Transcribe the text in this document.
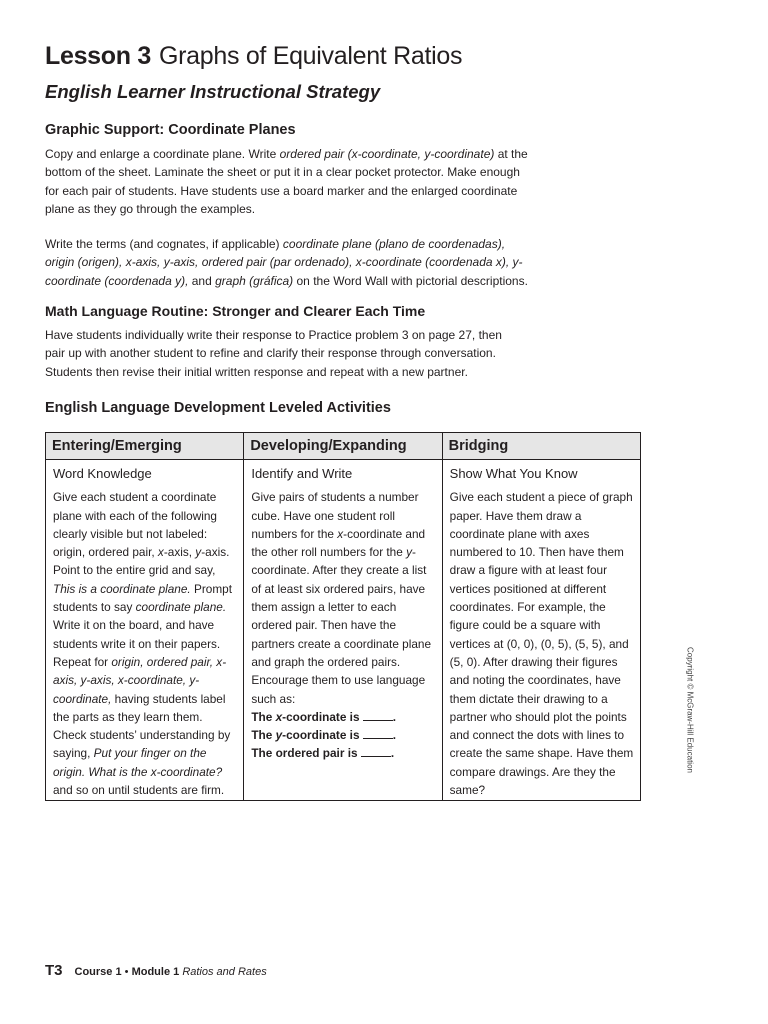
Lesson 3 Graphs of Equivalent Ratios
English Learner Instructional Strategy
Graphic Support: Coordinate Planes
Copy and enlarge a coordinate plane. Write ordered pair (x-coordinate, y-coordinate) at the bottom of the sheet. Laminate the sheet or put it in a clear pocket protector. Make enough for each pair of students. Have students use a board marker and the enlarged coordinate plane as they go through the examples.
Write the terms (and cognates, if applicable) coordinate plane (plano de coordenadas), origin (origen), x-axis, y-axis, ordered pair (par ordenado), x-coordinate (coordenada x), y-coordinate (coordenada y), and graph (gráfica) on the Word Wall with pictorial descriptions.
Math Language Routine: Stronger and Clearer Each Time
Have students individually write their response to Practice problem 3 on page 27, then pair up with another student to refine and clarify their response through conversation. Students then revise their initial written response and repeat with a new partner.
English Language Development Leveled Activities
Entering/Emerging
Word Knowledge
Give each student a coordinate plane with each of the following clearly visible but not labeled: origin, ordered pair, x-axis, y-axis. Point to the entire grid and say, This is a coordinate plane. Prompt students to say coordinate plane. Write it on the board, and have students write it on their papers. Repeat for origin, ordered pair, x-axis, y-axis, x-coordinate, y-coordinate, having students label the parts as they learn them. Check students’ understanding by saying, Put your finger on the origin. What is the x-coordinate? and so on until students are firm.
Developing/Expanding
Identify and Write
Give pairs of students a number cube. Have one student roll numbers for the x-coordinate and the other roll numbers for the y-coordinate. After they create a list of at least six ordered pairs, have them assign a letter to each ordered pair. Then have the partners create a coordinate plane and graph the ordered pairs. Encourage them to use language such as:
The x-coordinate is	.
The y-coordinate is	.
The ordered pair is	.
Bridging
Show What You Know
Give each student a piece of graph paper. Have them draw a coordinate plane with axes numbered to 10. Then have them draw a figure with at least four vertices positioned at different coordinates. For example, the figure could be a square with vertices at (0, 0), (0, 5), (5, 5), and (5, 0). After drawing their figures and noting the coordinates, have them dictate their drawing to a partner who should plot the points and connect the dots with lines to create the same shape. Have them compare drawings. Are they the same?
Copyright © McGraw-Hill Education
T3 Course 1 • Module 1 Ratios and Rates
